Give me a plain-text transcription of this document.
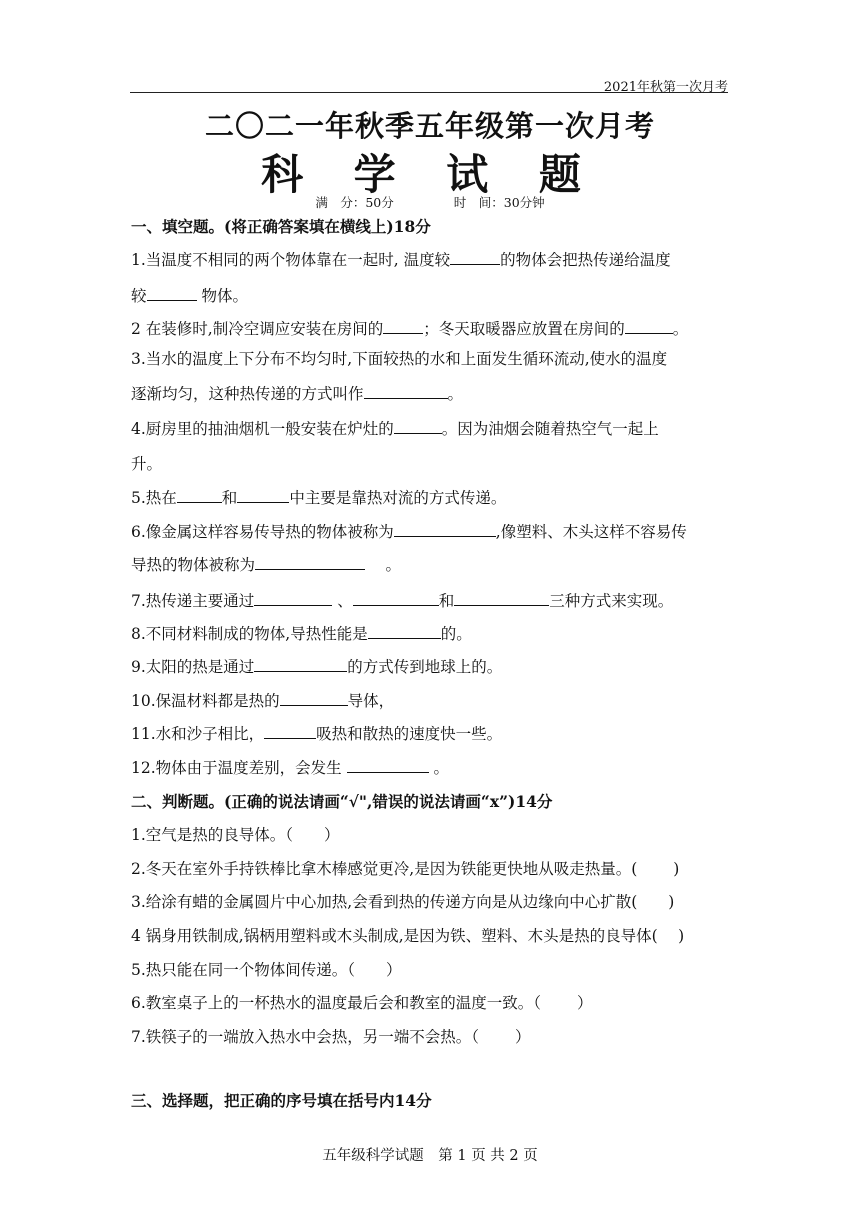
2021年秋第一次月考
二〇二一年秋季五年级第一次月考
科 学 试 题
满　分：50分	时　间：30分钟
一、填空题。(将正确答案填在横线上)18分
1.当温度不相同的两个物体靠在一起时, 温度较	的物体会把热传递给温度
较	物体。
2 在装修时,制冷空调应安装在房间的	；冬天取暖器应放置在房间的	。
3.当水的温度上下分布不均匀时,下面较热的水和上面发生循环流动,使水的温度
逐渐均匀，这种热传递的方式叫作	。
4.厨房里的抽油烟机一般安装在炉灶的	。因为油烟会随着热空气一起上
升。
5.热在	和	中主要是靠热对流的方式传递。
6.像金属这样容易传导热的物体被称为	,像塑料、木头这样不容易传
导热的物体被称为	　 。
7.热传递主要通过	、	和	三种方式来实现。
8.不同材料制成的物体,导热性能是	的。
9.太阳的热是通过	的方式传到地球上的。
10.保温材料都是热的	导体，
11.水和沙子相比，	吸热和散热的速度快一些。
12.物体由于温度差别，会发生	。
二、判断题。(正确的说法请画“√",错误的说法请画“x”)14分
1.空气是热的良导体。（　　）
2.冬天在室外手持铁棒比拿木棒感觉更冷,是因为铁能更快地从吸走热量。(　　 )
3.给涂有蜡的金属圆片中心加热,会看到热的传递方向是从边缘向中心扩散(　　)
4 锅身用铁制成,锅柄用塑料或木头制成,是因为铁、塑料、木头是热的良导体(　 )
5.热只能在同一个物体间传递。（　　）
6.教室桌子上的一杯热水的温度最后会和教室的温度一致。（　　 ）
7.铁筷子的一端放入热水中会热，另一端不会热。（　　 ）
三、选择题，把正确的序号填在括号内14分
五年级科学试题　第 1 页 共 2 页
